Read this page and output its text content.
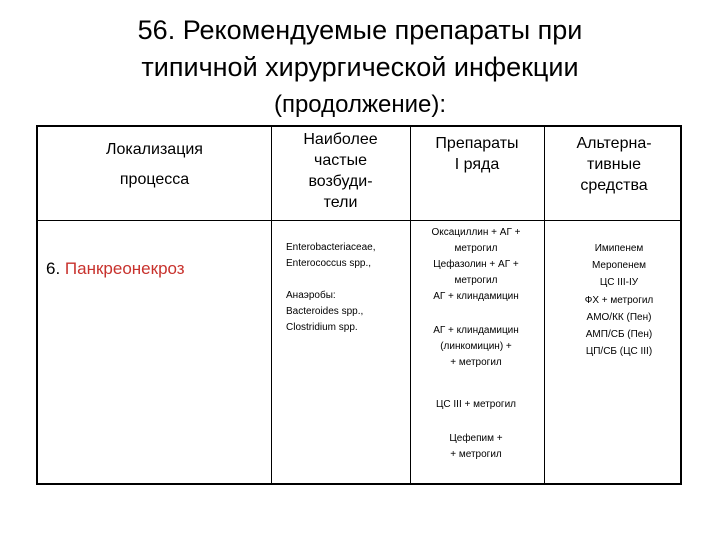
56. Рекомендуемые препараты при
типичной хирургической инфекции
(продолжение):
Локализация
процесса
Наиболее
частые
возбуди-
тели
Препараты
I ряда
Альтерна-
тивные
средства
6. Панкреонекроз
Enterobacteriaceae,
Enterococcus spp.,
Анаэробы:
Bacteroides spp.,
Clostridium spp.
Оксациллин + АГ +
метрогил
Цефазолин + АГ +
метрогил
АГ + клиндамицин
АГ + клиндамицин
(линкомицин) +
+ метрогил
ЦС III + метрогил
Цефепим +
+ метрогил
Имипенем
Меропенем
ЦС III-IУ
ФХ + метрогил
АМО/КК (Пен)
АМП/СБ (Пен)
ЦП/СБ (ЦС III)
